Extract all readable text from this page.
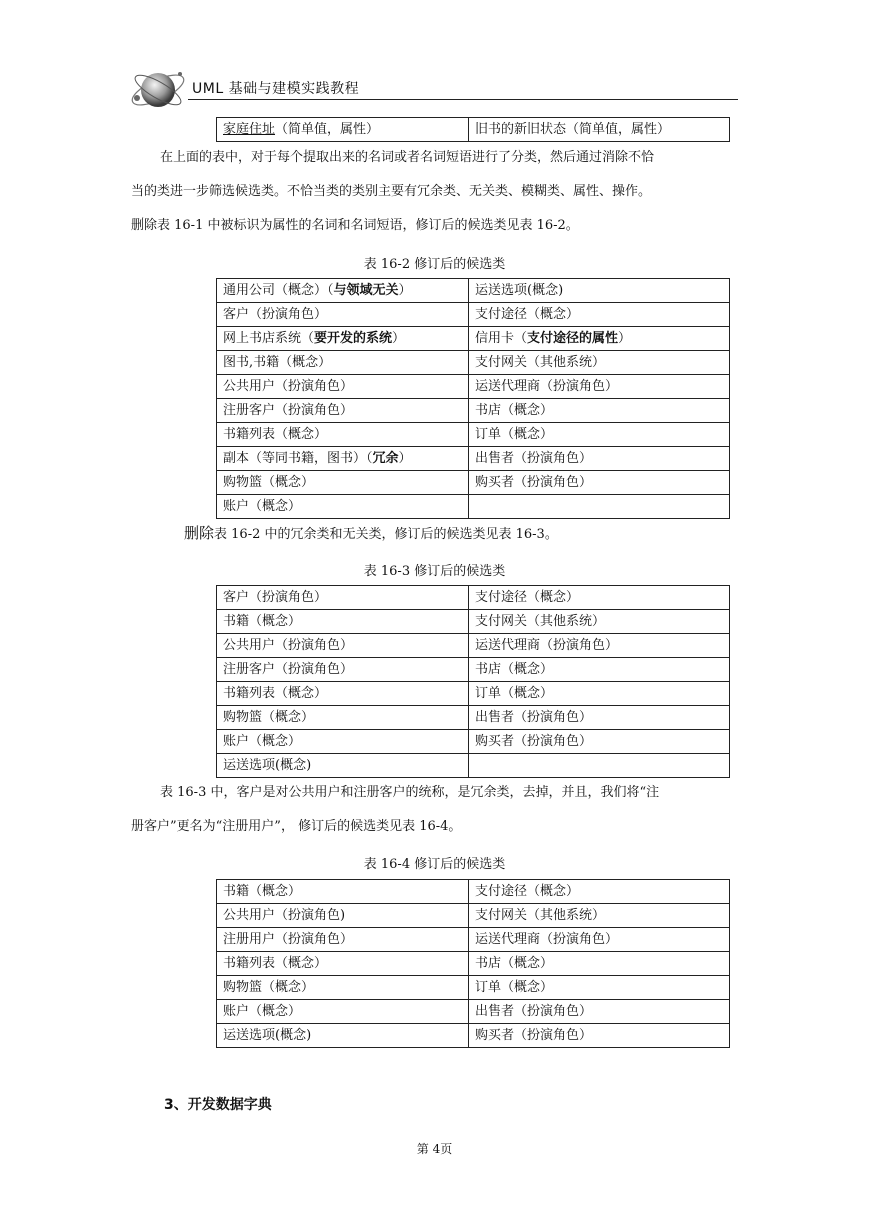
UML 基础与建模实践教程
家庭住址（简单值，属性）	旧书的新旧状态（简单值，属性）
在上面的表中，对于每个提取出来的名词或者名词短语进行了分类，然后通过消除不恰
当的类进一步筛选候选类。不恰当类的类别主要有冗余类、无关类、模糊类、属性、操作。
删除表 16-1 中被标识为属性的名词和名词短语，修订后的候选类见表 16-2。
表 16-2 修订后的候选类
通用公司（概念）（与领域无关）	运送选项(概念)
客户（扮演角色）	支付途径（概念）
网上书店系统（要开发的系统）	信用卡（支付途径的属性）
图书,书籍（概念）	支付网关（其他系统）
公共用户（扮演角色）	运送代理商（扮演角色）
注册客户（扮演角色）	书店（概念）
书籍列表（概念）	订单（概念）
副本（等同书籍，图书）（冗余）	出售者（扮演角色）
购物篮（概念）	购买者（扮演角色）
账户（概念）	
删除表 16-2 中的冗余类和无关类，修订后的候选类见表 16-3。
表 16-3 修订后的候选类
客户（扮演角色）	支付途径（概念）
书籍（概念）	支付网关（其他系统）
公共用户（扮演角色）	运送代理商（扮演角色）
注册客户（扮演角色）	书店（概念）
书籍列表（概念）	订单（概念）
购物篮（概念）	出售者（扮演角色）
账户（概念）	购买者（扮演角色）
运送选项(概念)	
表 16-3 中，客户是对公共用户和注册客户的统称，是冗余类，去掉，并且，我们将“注
册客户”更名为“注册用户”， 修订后的候选类见表 16-4。
表 16-4 修订后的候选类
书籍（概念）	支付途径（概念）
公共用户（扮演角色)	支付网关（其他系统）
注册用户（扮演角色）	运送代理商（扮演角色）
书籍列表（概念）	书店（概念）
购物篮（概念）	订单（概念）
账户（概念）	出售者（扮演角色）
运送选项(概念)	购买者（扮演角色）
3、开发数据字典
第 4页
